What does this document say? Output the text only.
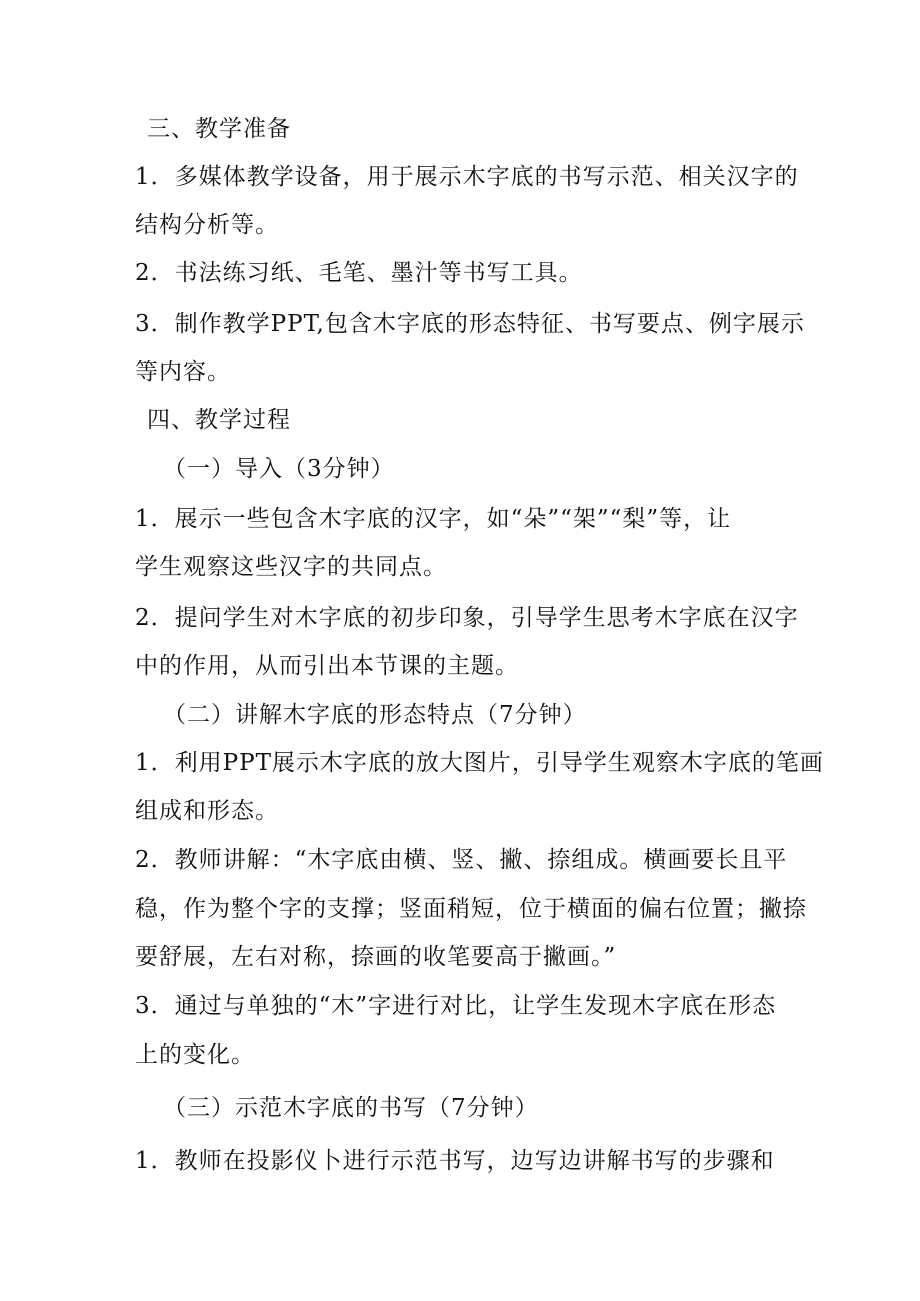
三、教学准备
1．多媒体教学设备，用于展示木字底的书写示范、相关汉字的
结构分析等。
2．书法练习纸、毛笔、墨汁等书写工具。
3．制作教学PPT,包含木字底的形态特征、书写要点、例字展示
等内容。
四、教学过程
（一）导入（3分钟）
1．展示一些包含木字底的汉字，如“朵”“架”“梨”等，让
学生观察这些汉字的共同点。
2．提问学生对木字底的初步印象，引导学生思考木字底在汉字
中的作用，从而引出本节课的主题。
（二）讲解木字底的形态特点（7分钟）
1．利用PPT展示木字底的放大图片，引导学生观察木字底的笔画
组成和形态。
2．教师讲解：“木字底由横、竖、撇、捺组成。横画要长且平
稳，作为整个字的支撑；竖面稍短，位于横面的偏右位置；撇捺
要舒展，左右对称，捺画的收笔要高于撇画。”
3．通过与单独的“木”字进行对比，让学生发现木字底在形态
上的变化。
（三）示范木字底的书写（7分钟）
1．教师在投影仪卜进行示范书写，边写边讲解书写的步骤和
